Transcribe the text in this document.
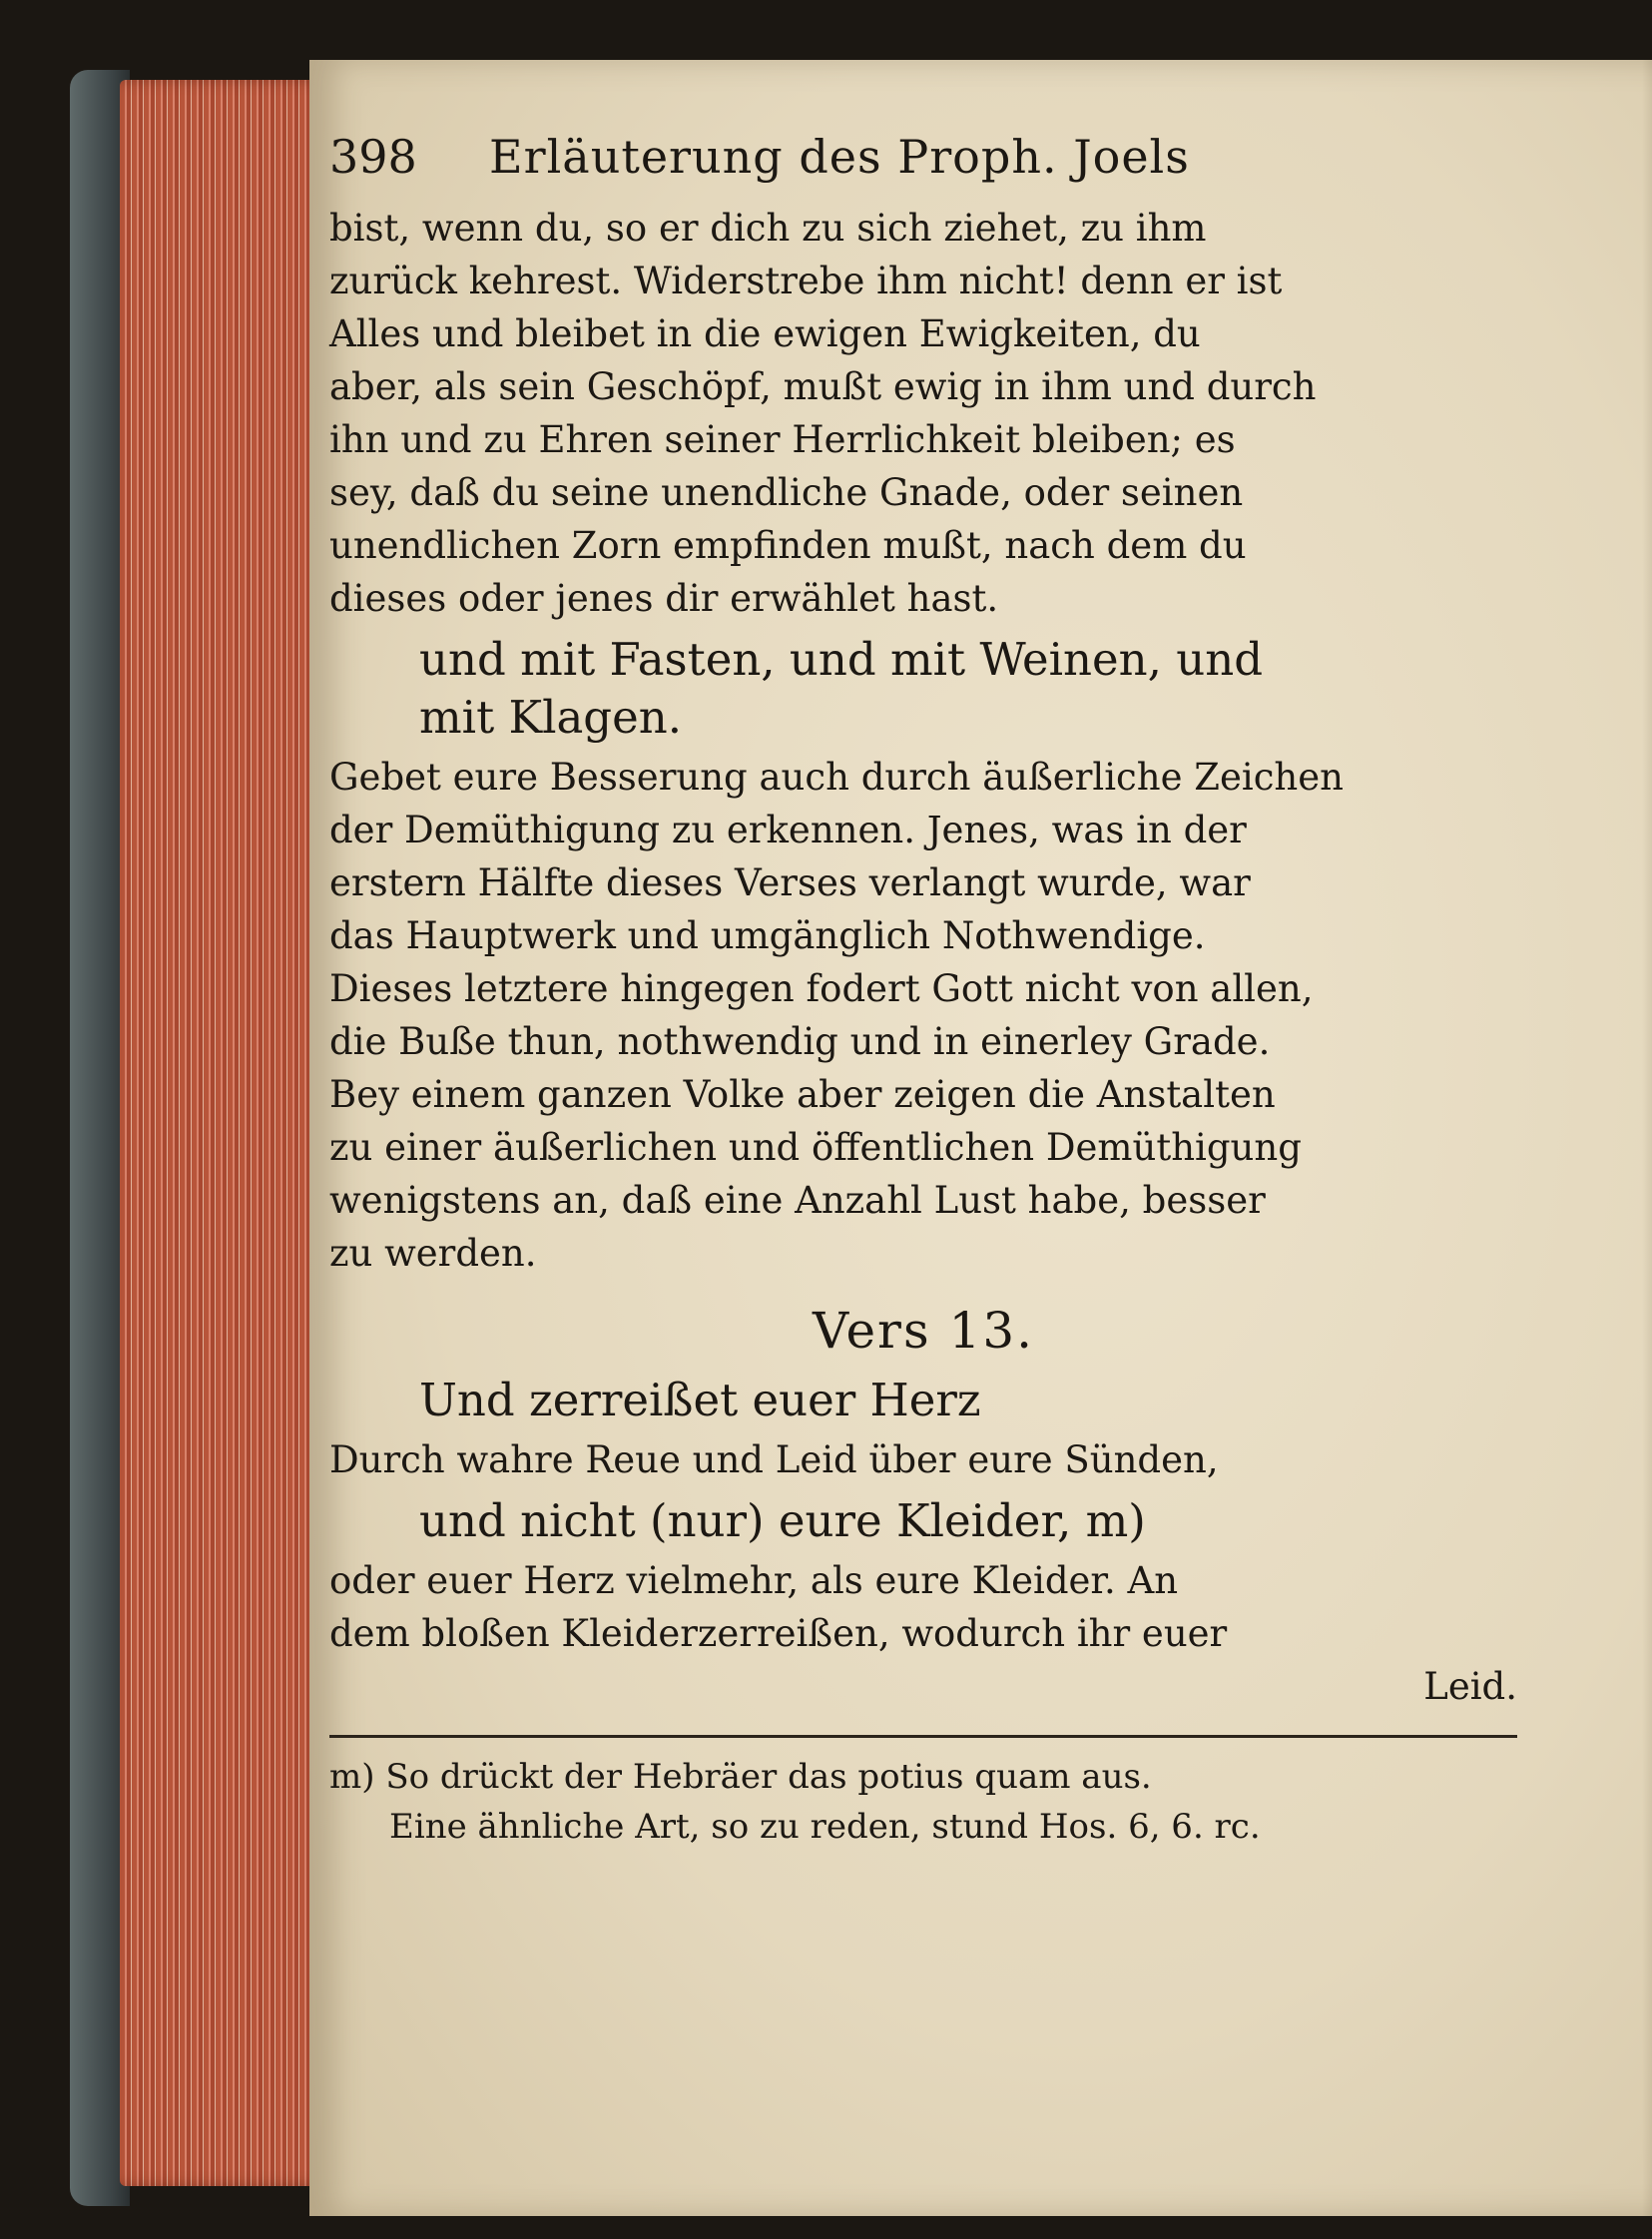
398	Erläuterung des Proph. Joels

bist, wenn du, so er dich zu sich ziehet, zu ihm
zurück kehrest. Widerstrebe ihm nicht! denn er ist
Alles und bleibet in die ewigen Ewigkeiten, du
aber, als sein Geschöpf, mußt ewig in ihm und durch
ihn und zu Ehren seiner Herrlichkeit bleiben; es
sey, daß du seine unendliche Gnade, oder seinen
unendlichen Zorn empfinden mußt, nach dem du
dieses oder jenes dir erwählet hast.

und mit Fasten, und mit Weinen, und
mit Klagen.

Gebet eure Besserung auch durch äußerliche Zeichen
der Demüthigung zu erkennen. Jenes, was in der
erstern Hälfte dieses Verses verlangt wurde, war
das Hauptwerk und umgänglich Nothwendige.
Dieses letztere hingegen fodert Gott nicht von allen,
die Buße thun, nothwendig und in einerley Grade.
Bey einem ganzen Volke aber zeigen die Anstalten
zu einer äußerlichen und öffentlichen Demüthigung
wenigstens an, daß eine Anzahl Lust habe, besser
zu werden.

Vers 13.
Und zerreißet euer Herz

Durch wahre Reue und Leid über eure Sünden,

und nicht (nur) eure Kleider, m)

oder euer Herz vielmehr, als eure Kleider. An
dem bloßen Kleiderzerreißen, wodurch ihr euer

Leid.
m) So drückt der Hebräer das potius quam aus.
Eine ähnliche Art, so zu reden, stund Hos. 6, 6. rc.
